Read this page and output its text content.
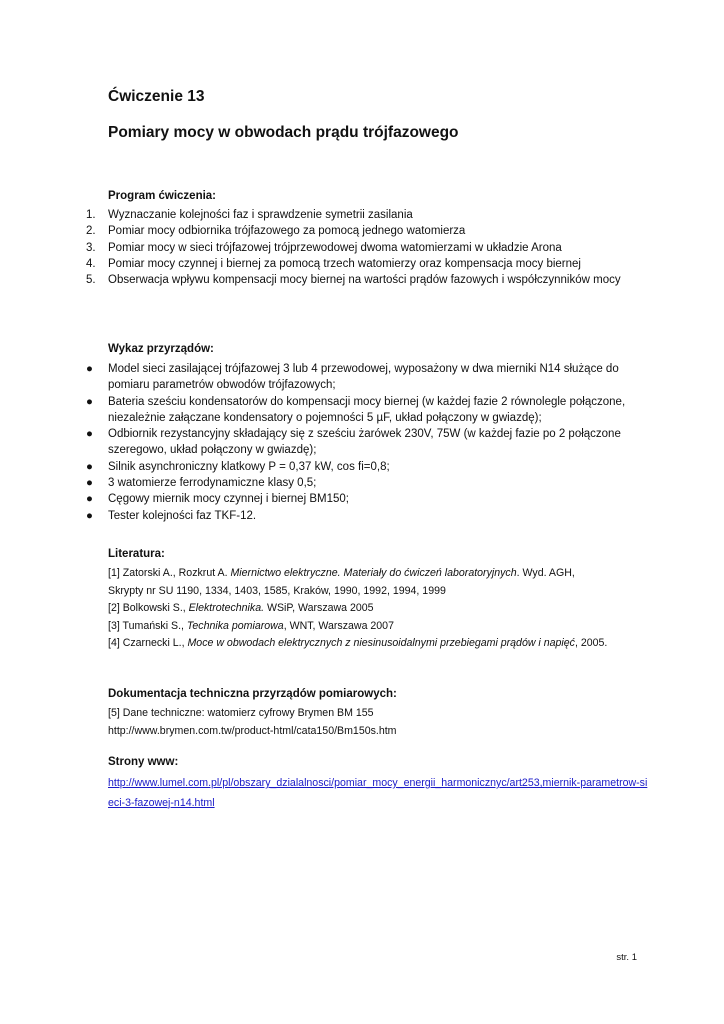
Ćwiczenie 13
Pomiary mocy w obwodach prądu trójfazowego
Program ćwiczenia:
1. Wyznaczanie kolejności faz i sprawdzenie symetrii zasilania
2. Pomiar mocy odbiornika trójfazowego za pomocą jednego watomierza
3. Pomiar mocy w sieci trójfazowej trójprzewodowej dwoma watomierzami w układzie Arona
4. Pomiar mocy czynnej i biernej za pomocą trzech watomierzy oraz kompensacja mocy biernej
5. Obserwacja wpływu kompensacji mocy biernej na wartości prądów fazowych i współczynników mocy
Wykaz przyrządów:
● Model sieci zasilającej trójfazowej 3 lub 4 przewodowej, wyposażony w dwa mierniki N14 służące do pomiaru parametrów obwodów trójfazowych;
● Bateria sześciu kondensatorów do kompensacji mocy biernej (w każdej fazie 2 równolegle połączone, niezależnie załączane kondensatory o pojemności 5 µF, układ połączony w gwiazdę);
● Odbiornik rezystancyjny składający się z sześciu żarówek 230V, 75W (w każdej fazie po 2 połączone szeregowo, układ połączony w gwiazdę);
● Silnik asynchroniczny klatkowy P = 0,37 kW, cos fi=0,8;
● 3 watomierze ferrodynamiczne klasy 0,5;
● Cęgowy miernik mocy czynnej i biernej BM150;
● Tester kolejności faz TKF-12.
Literatura:

[1] Zatorski A., Rozkrut A. Miernictwo elektryczne. Materiały do ćwiczeń laboratoryjnych. Wyd. AGH,

Skrypty nr SU 1190, 1334, 1403, 1585, Kraków, 1990, 1992, 1994, 1999

[2] Bolkowski S., Elektrotechnika. WSiP, Warszawa 2005

[3] Tumański S., Technika pomiarowa, WNT, Warszawa 2007

[4] Czarnecki L., Moce w obwodach elektrycznych z niesinusoidalnymi przebiegami prądów i napięć, 2005.

Dokumentacja techniczna przyrządów pomiarowych:

[5] Dane techniczne: watomierz cyfrowy Brymen BM 155

http://www.brymen.com.tw/product-html/cata150/Bm150s.htm

Strony www:
http://www.lumel.com.pl/pl/obszary_dzialalnosci/pomiar_mocy_energii_harmonicznyc/art253,miernik-parametrow-sieci-3-fazowej-n14.html
str. 1
